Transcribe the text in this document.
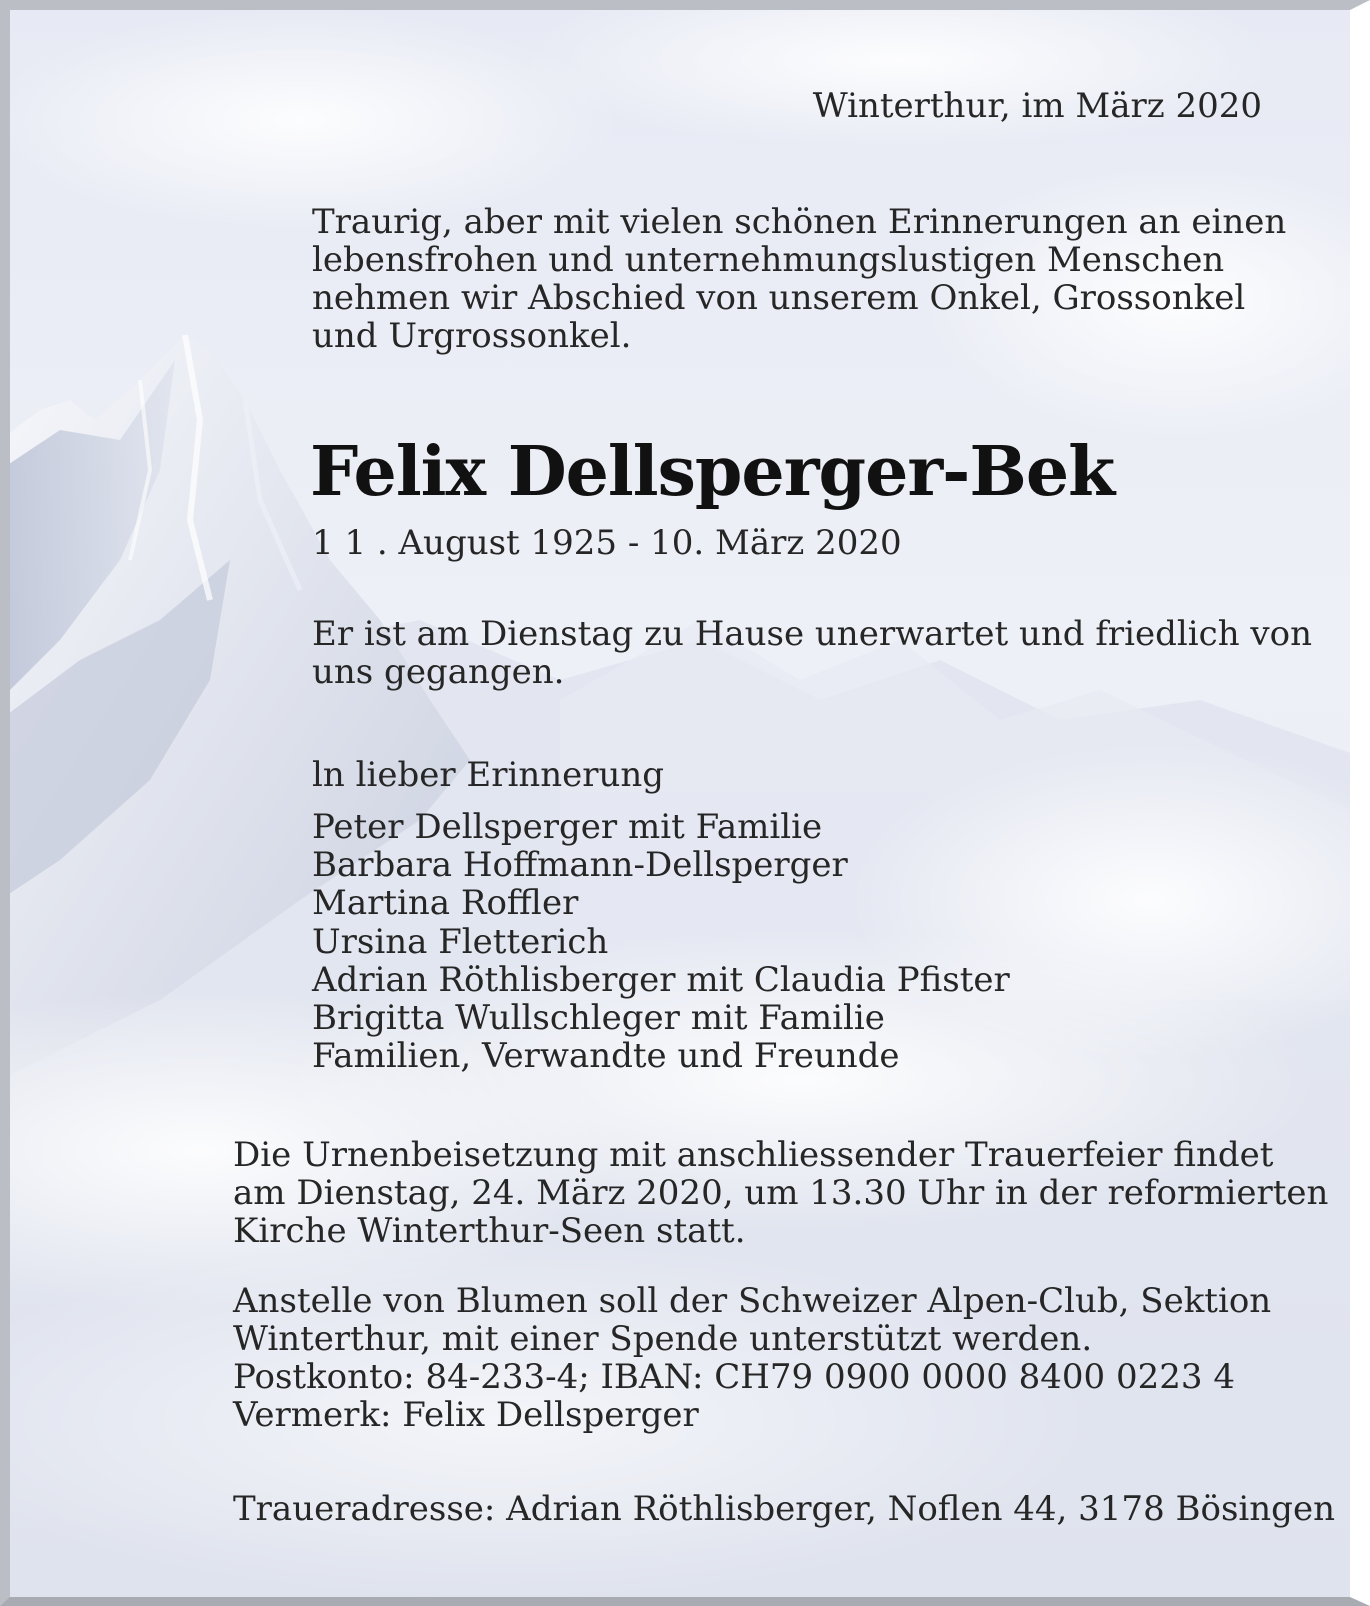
Winterthur, im März 2020

Traurig, aber mit vielen schönen Erinnerungen an einen
lebensfrohen und unternehmungslustigen Menschen
nehmen wir Abschied von unserem Onkel, Grossonkel
und Urgrossonkel.
Felix Dellsperger-Bek

1 1 . August 1925 - 10. März 2020

Er ist am Dienstag zu Hause unerwartet und friedlich von
uns gegangen.

ln lieber Erinnerung

Peter Dellsperger mit Familie
Barbara Hoffmann-Dellsperger
Martina Roffler
Ursina Fletterich
Adrian Röthlisberger mit Claudia Pfister
Brigitta Wullschleger mit Familie
Familien, Verwandte und Freunde
Die Urnenbeisetzung mit anschliessender Trauerfeier findet
am Dienstag, 24. März 2020, um 13.30 Uhr in der reformierten
Kirche Winterthur-Seen statt.
Anstelle von Blumen soll der Schweizer Alpen-Club, Sektion
Winterthur, mit einer Spende unterstützt werden.
Postkonto: 84-233-4; IBAN: CH79 0900 0000 8400 0223 4
Vermerk: Felix Dellsperger

Traueradresse: Adrian Röthlisberger, Noflen 44, 3178 Bösingen
